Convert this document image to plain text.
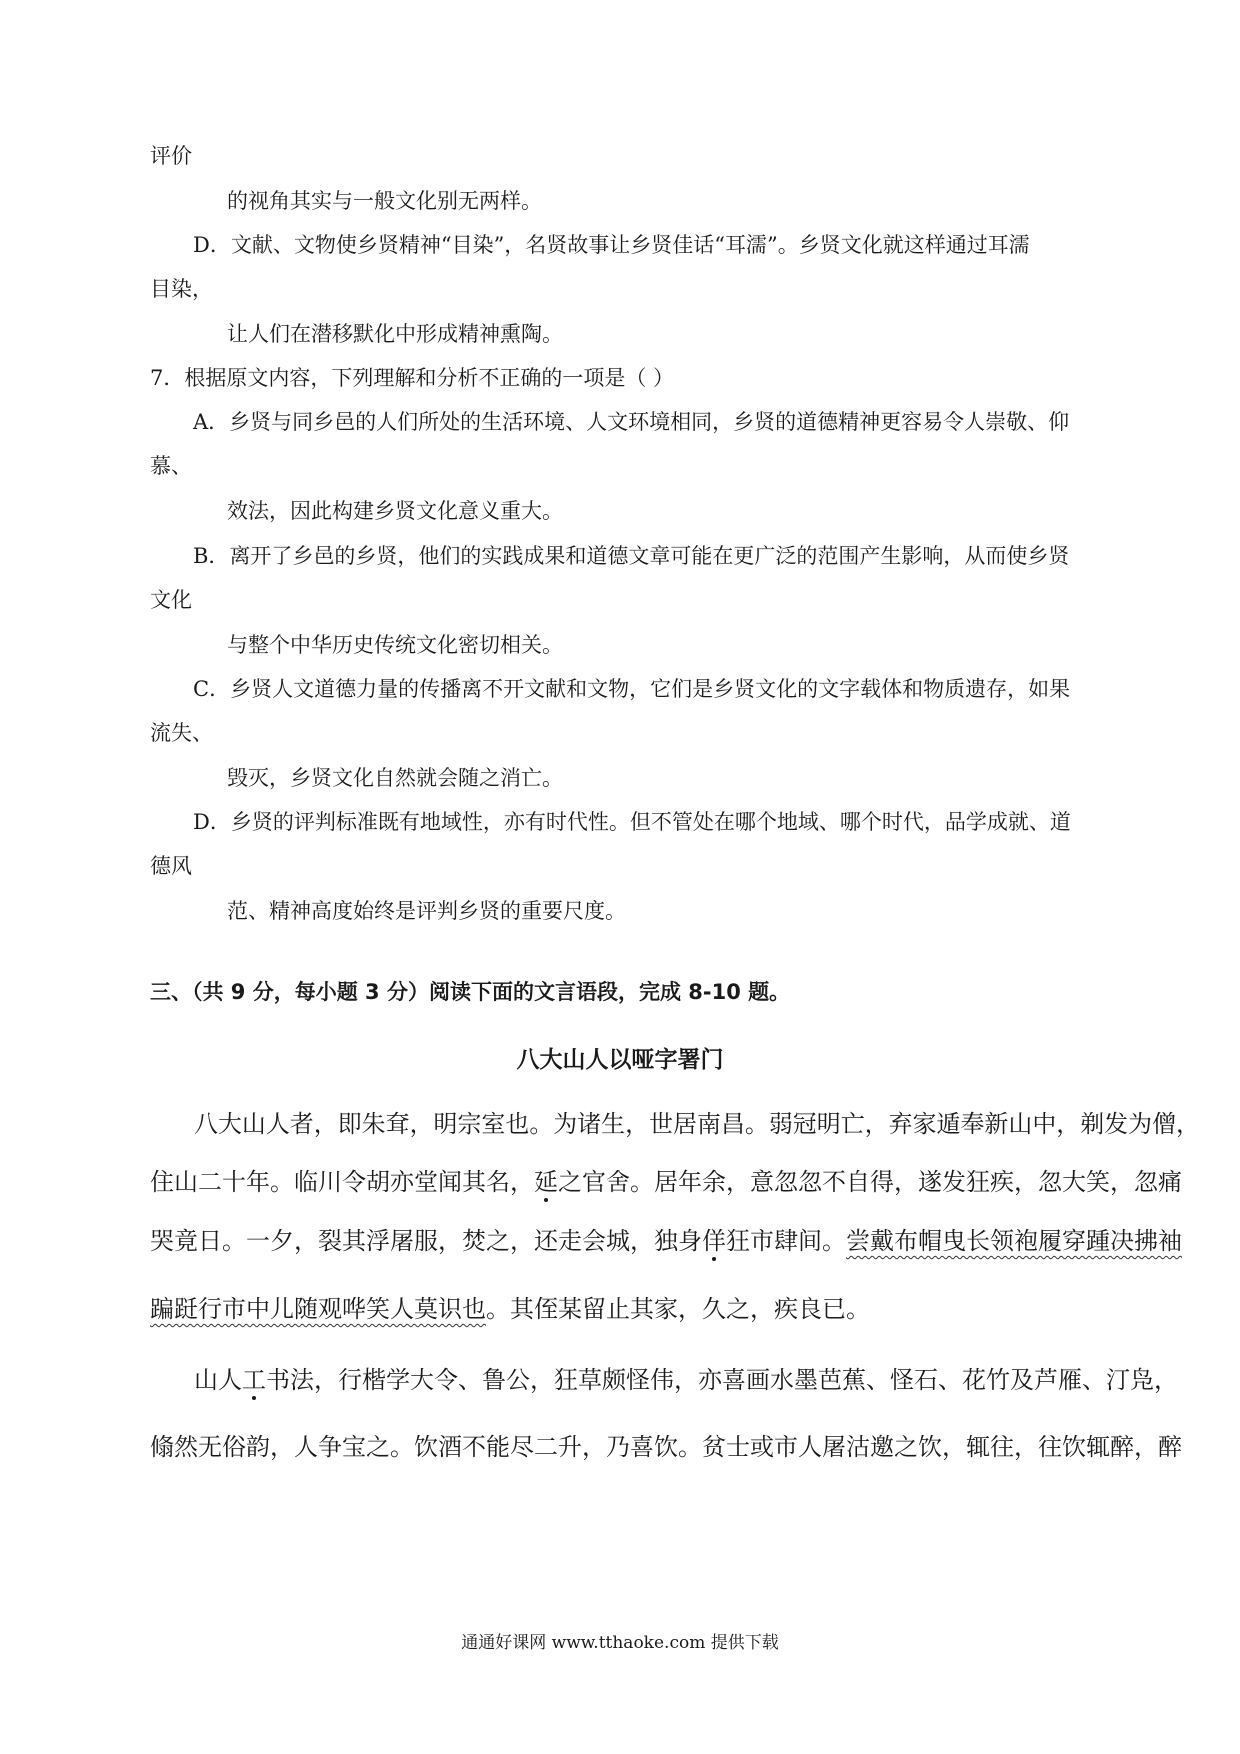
评价
的视角其实与一般文化别无两样。
D．文献、文物使乡贤精神“目染”，名贤故事让乡贤佳话“耳濡”。乡贤文化就这样通过耳濡
目染，
让人们在潜移默化中形成精神熏陶。
7．根据原文内容，下列理解和分析不正确的一项是（ ）
A．乡贤与同乡邑的人们所处的生活环境、人文环境相同，乡贤的道德精神更容易令人崇敬、仰
慕、
效法，因此构建乡贤文化意义重大。
B．离开了乡邑的乡贤，他们的实践成果和道德文章可能在更广泛的范围产生影响，从而使乡贤
文化
与整个中华历史传统文化密切相关。
C．乡贤人文道德力量的传播离不开文献和文物，它们是乡贤文化的文字载体和物质遗存，如果
流失、
毁灭，乡贤文化自然就会随之消亡。
D．乡贤的评判标准既有地域性，亦有时代性。但不管处在哪个地域、哪个时代，品学成就、道
德风
范、精神高度始终是评判乡贤的重要尺度。
三、（共 9 分，每小题 3 分）阅读下面的文言语段，完成 8-10 题。
八大山人以哑字署门
八大山人者，即朱耷，明宗室也。为诸生，世居南昌。弱冠明亡，弃家遁奉新山中，剃发为僧，
住山二十年。临川令胡亦堂闻其名，延之官舍。居年余，意忽忽不自得，遂发狂疾，忽大笑，忽痛
哭竟日。一夕，裂其浮屠服，焚之，还走会城，独身佯狂市肆间。尝戴布帽曳长领袍履穿踵决拂袖
蹁跹行市中儿随观哗笑人莫识也。其侄某留止其家，久之，疾良已。
山人工书法，行楷学大令、鲁公，狂草颇怪伟，亦喜画水墨芭蕉、怪石、花竹及芦雁、汀凫，
翛然无俗韵，人争宝之。饮酒不能尽二升，乃喜饮。贫士或市人屠沽邀之饮，辄往，往饮辄醉，醉
通通好课网 www.tthaoke.com 提供下载
